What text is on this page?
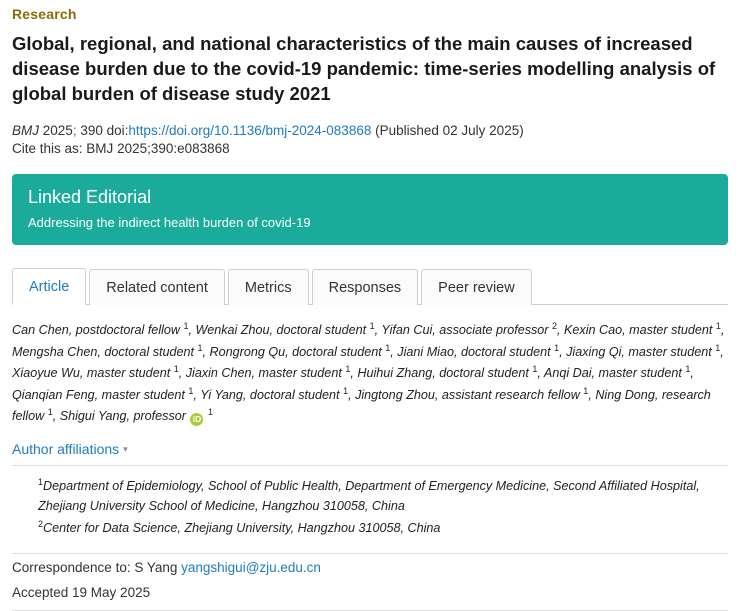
Research
Global, regional, and national characteristics of the main causes of increased disease burden due to the covid-19 pandemic: time-series modelling analysis of global burden of disease study 2021
BMJ 2025; 390 doi:https://doi.org/10.1136/bmj-2024-083868 (Published 02 July 2025)
Cite this as: BMJ 2025;390:e083868
Linked Editorial
Addressing the indirect health burden of covid-19
Article	Related content	Metrics	Responses	Peer review
Can Chen, postdoctoral fellow $^1$, Wenkai Zhou, doctoral student $^1$, Yifan Cui, associate professor $^2$, Kexin Cao, master student $^1$, Mengsha Chen, doctoral student $^1$, Rongrong Qu, doctoral student $^1$, Jiani Miao, doctoral student $^1$, Jiaxing Qi, master student $^1$, Xiaoyue Wu, master student $^1$, Jiaxin Chen, master student $^1$, Huihui Zhang, doctoral student $^1$, Anqi Dai, master student $^1$, Qianqian Feng, master student $^1$, Yi Yang, doctoral student $^1$, Jingtong Zhou, assistant research fellow $^1$, Ning Dong, research fellow $^1$, Shigui Yang, professor iD $^1$
Author affiliations ▾
$^1$Department of Epidemiology, School of Public Health, Department of Emergency Medicine, Second Affiliated Hospital, Zhejiang University School of Medicine, Hangzhou 310058, China
$^2$Center for Data Science, Zhejiang University, Hangzhou 310058, China
Correspondence to: S Yang yangshigui@zju.edu.cn
Accepted 19 May 2025
